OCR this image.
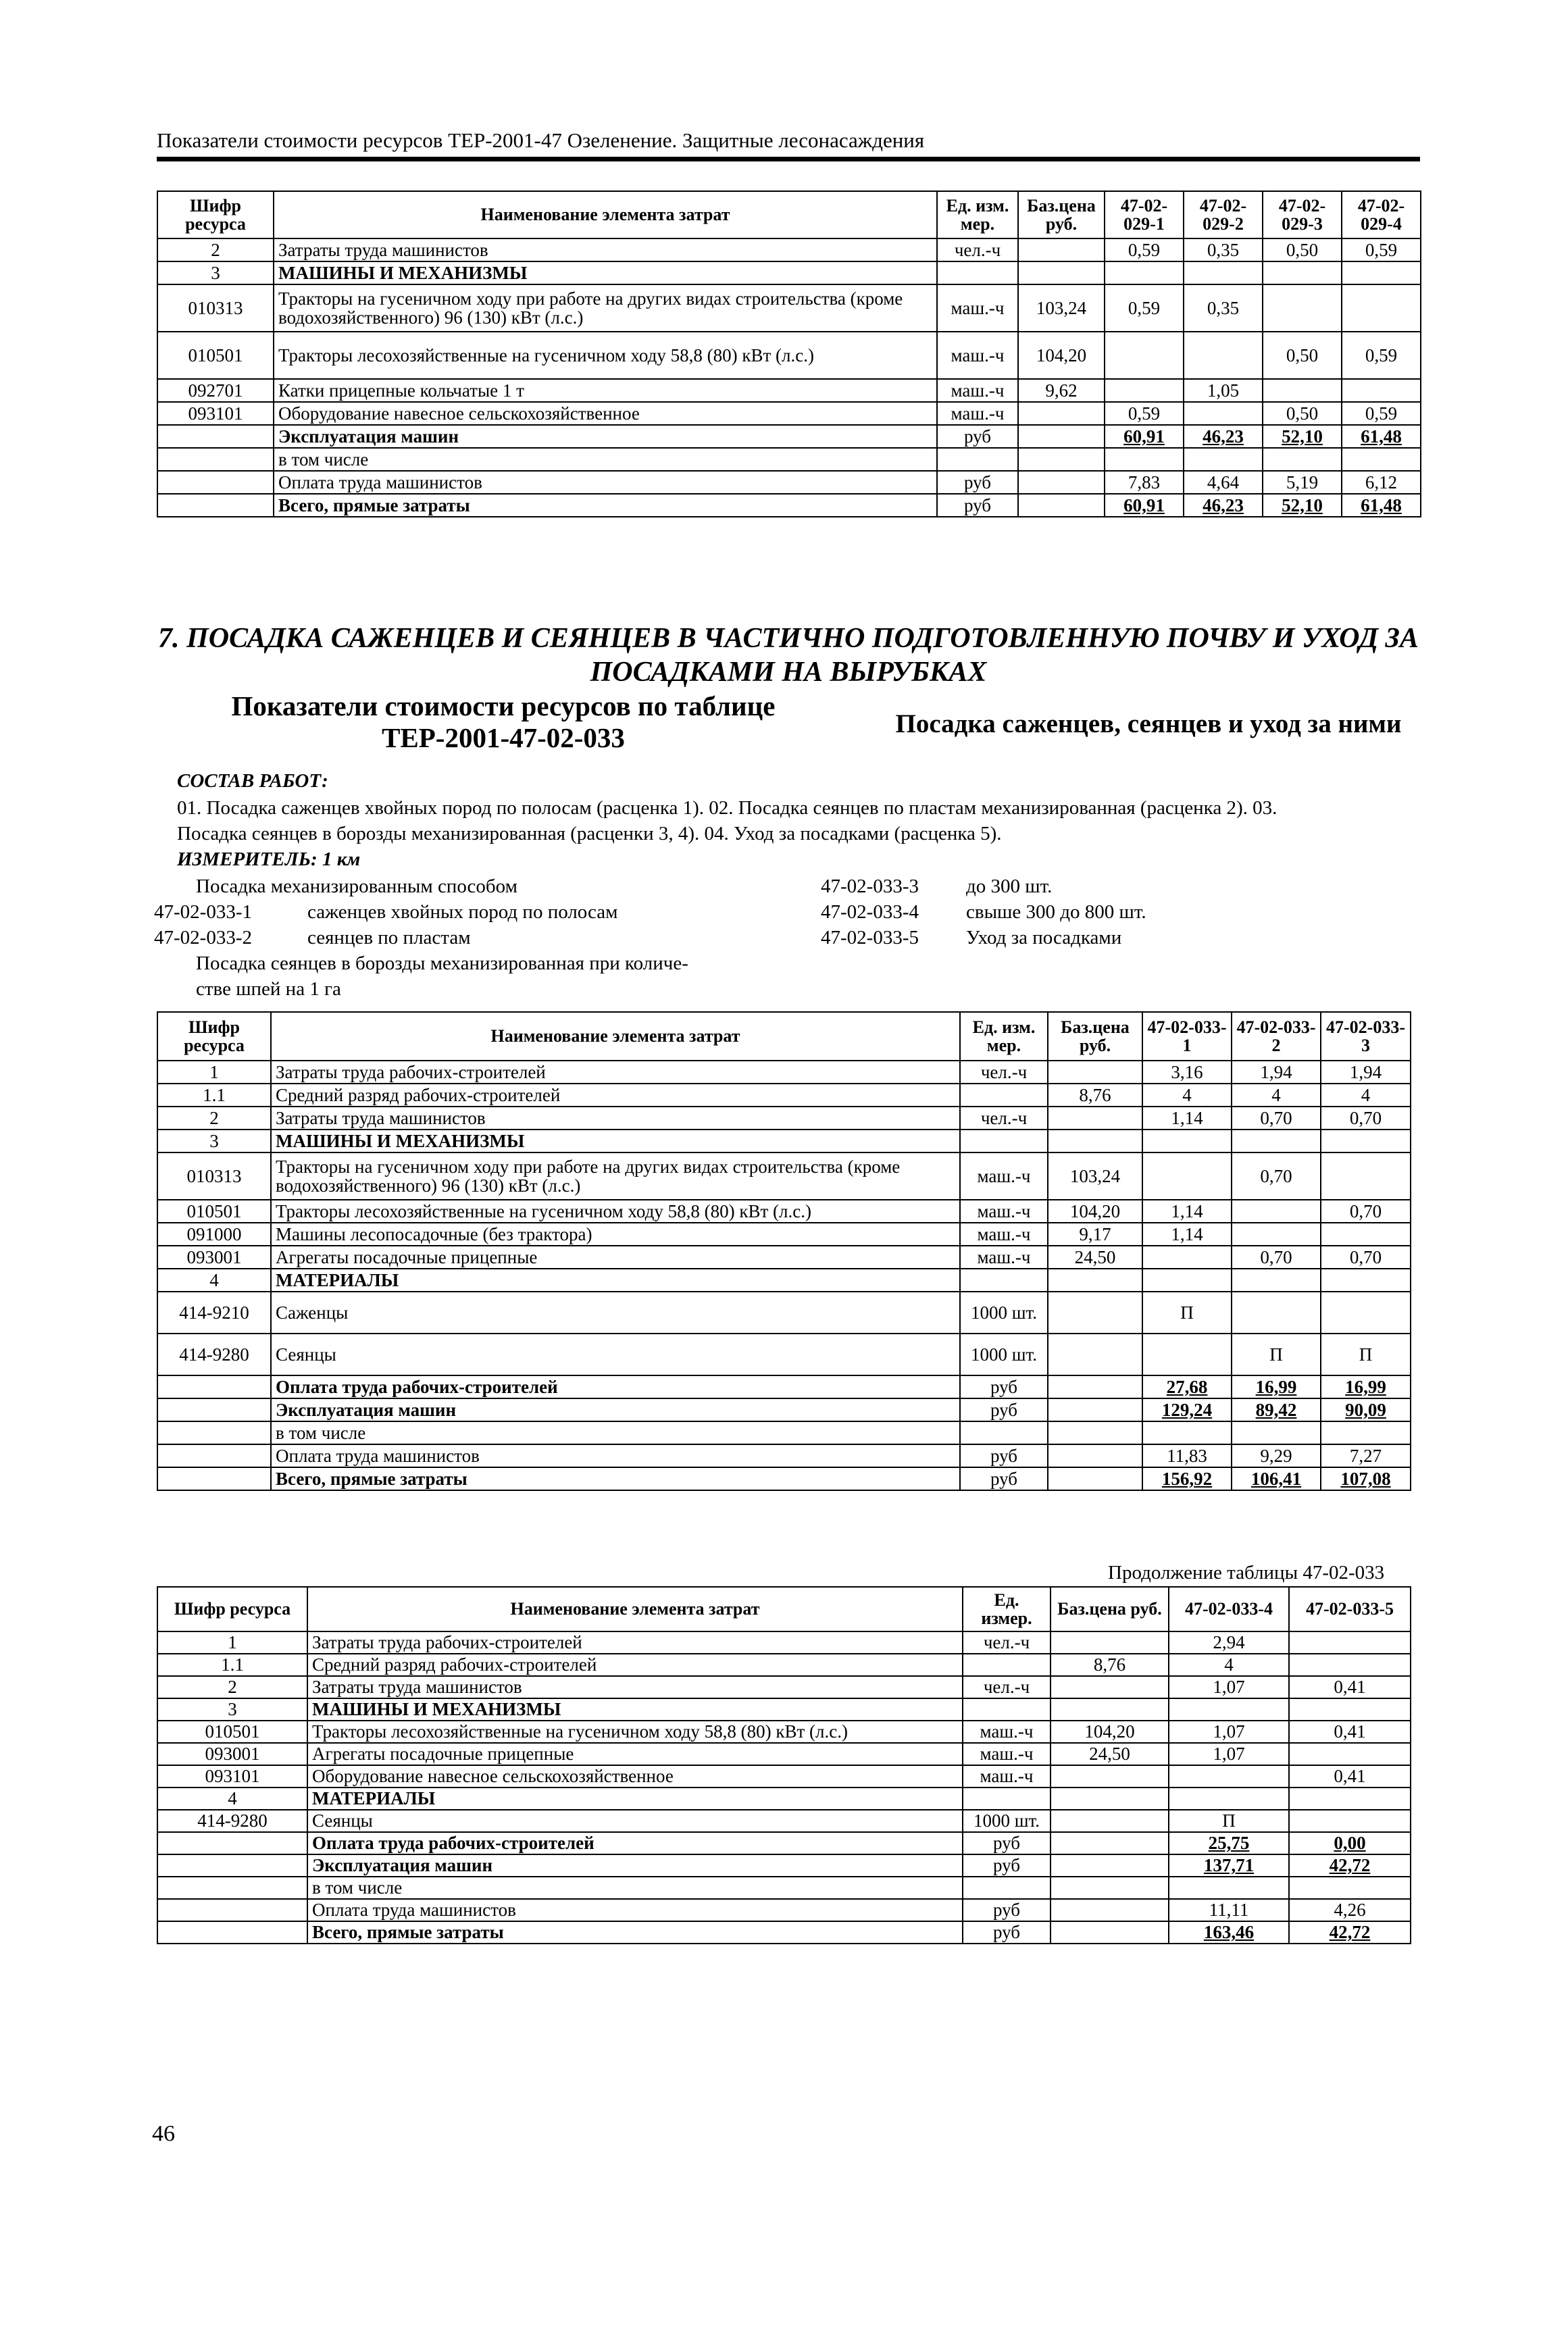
Показатели стоимости ресурсов ТЕР-2001-47 Озеленение. Защитные лесонасаждения
Шифр ресурса	Наименование элемента затрат	Ед. изм. мер.	Баз.цена руб.	47-02-029-1	47-02-029-2	47-02-029-3	47-02-029-4
2	Затраты труда машинистов	чел.-ч		0,59	0,35	0,50	0,59
3	МАШИНЫ И МЕХАНИЗМЫ						
010313	Тракторы на гусеничном ходу при работе на других видах строительства (кроме водохозяйственного) 96 (130) кВт (л.с.)	маш.-ч	103,24	0,59	0,35		
010501	Тракторы лесохозяйственные на гусеничном ходу 58,8 (80) кВт (л.с.)	маш.-ч	104,20			0,50	0,59
092701	Катки прицепные кольчатые 1 т	маш.-ч	9,62		1,05		
093101	Оборудование навесное сельскохозяйственное	маш.-ч		0,59		0,50	0,59
	Эксплуатация машин	руб		60,91	46,23	52,10	61,48
	в том числе						
	Оплата труда машинистов	руб		7,83	4,64	5,19	6,12
	Всего, прямые затраты	руб		60,91	46,23	52,10	61,48
7. ПОСАДКА САЖЕНЦЕВ И СЕЯНЦЕВ В ЧАСТИЧНО ПОДГОТОВЛЕННУЮ ПОЧВУ И УХОД ЗА ПОСАДКАМИ НА ВЫРУБКАХ
Показатели стоимости ресурсов по таблице
ТЕР-2001-47-02-033	Посадка саженцев, сеянцев и уход за ними
СОСТАВ РАБОТ:
01. Посадка саженцев хвойных пород по полосам (расценка 1). 02. Посадка сеянцев по пластам механизированная (расценка 2). 03.
Посадка сеянцев в борозды механизированная (расценки 3, 4). 04. Уход за посадками (расценка 5).
ИЗМЕРИТЕЛЬ: 1 км
Посадка механизированным способом
47-02-033-1	саженцев хвойных пород по полосам
47-02-033-2	сеянцев по пластам
Посадка сеянцев в борозды механизированная при количе-
стве шпей на 1 га
47-02-033-3 до 300 шт.
47-02-033-4 свыше 300 до 800 шт.
47-02-033-5 Уход за посадками
Шифр ресурса	Наименование элемента затрат	Ед. изм. мер.	Баз.цена руб.	47-02-033-1	47-02-033-2	47-02-033-3
1	Затраты труда рабочих-строителей	чел.-ч		3,16	1,94	1,94
1.1	Средний разряд рабочих-строителей		8,76	4	4	4
2	Затраты труда машинистов	чел.-ч		1,14	0,70	0,70
3	МАШИНЫ И МЕХАНИЗМЫ					
010313	Тракторы на гусеничном ходу при работе на других видах строительства (кроме водохозяйственного) 96 (130) кВт (л.с.)	маш.-ч	103,24		0,70	
010501	Тракторы лесохозяйственные на гусеничном ходу 58,8 (80) кВт (л.с.)	маш.-ч	104,20	1,14		0,70
091000	Машины лесопосадочные (без трактора)	маш.-ч	9,17	1,14		
093001	Агрегаты посадочные прицепные	маш.-ч	24,50		0,70	0,70
4	МАТЕРИАЛЫ					
414-9210	Саженцы	1000 шт.		П		
414-9280	Сеянцы	1000 шт.			П	П
	Оплата труда рабочих-строителей	руб		27,68	16,99	16,99
	Эксплуатация машин	руб		129,24	89,42	90,09
	в том числе					
	Оплата труда машинистов	руб		11,83	9,29	7,27
	Всего, прямые затраты	руб		156,92	106,41	107,08
Продолжение таблицы 47-02-033
Шифр ресурса	Наименование элемента затрат	Ед. измер.	Баз.цена руб.	47-02-033-4	47-02-033-5
1	Затраты труда рабочих-строителей	чел.-ч		2,94	
1.1	Средний разряд рабочих-строителей		8,76	4	
2	Затраты труда машинистов	чел.-ч		1,07	0,41
3	МАШИНЫ И МЕХАНИЗМЫ				
010501	Тракторы лесохозяйственные на гусеничном ходу 58,8 (80) кВт (л.с.)	маш.-ч	104,20	1,07	0,41
093001	Агрегаты посадочные прицепные	маш.-ч	24,50	1,07	
093101	Оборудование навесное сельскохозяйственное	маш.-ч			0,41
4	МАТЕРИАЛЫ				
414-9280	Сеянцы	1000 шт.		П	
	Оплата труда рабочих-строителей	руб		25,75	0,00
	Эксплуатация машин	руб		137,71	42,72
	в том числе				
	Оплата труда машинистов	руб		11,11	4,26
	Всего, прямые затраты	руб		163,46	42,72
46
